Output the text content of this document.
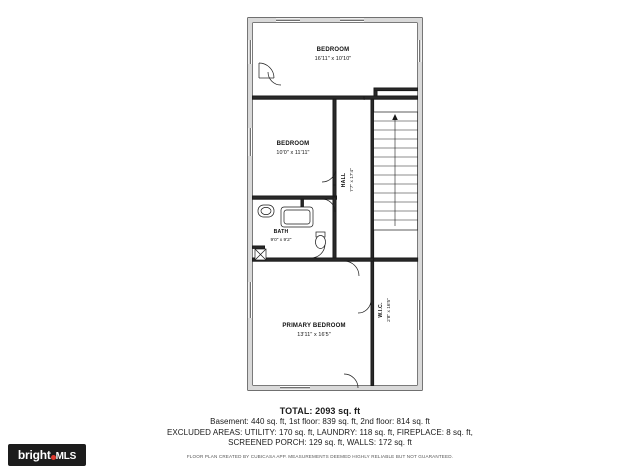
BEDROOM
16'11" x 10'10"
BEDROOM
10'0" x 11'11"
HALL 7'7" x 17'4"
BATH
9'0" x 9'2"
PRIMARY BEDROOM
13'11" x 16'5"
W.I.C. 2'8" x 16'5"
TOTAL: 2093 sq. ft
Basement: 440 sq. ft, 1st floor: 839 sq. ft, 2nd floor: 814 sq. ft
EXCLUDED AREAS: UTILITY: 170 sq. ft, LAUNDRY: 118 sq. ft, FIREPLACE: 8 sq. ft,
SCREENED PORCH: 129 sq. ft, WALLS: 172 sq. ft
FLOOR PLAN CREATED BY CUBICASA APP. MEASUREMENTS DEEMED HIGHLY RELIABLE BUT NOT GUARANTEED.
bright MLS
